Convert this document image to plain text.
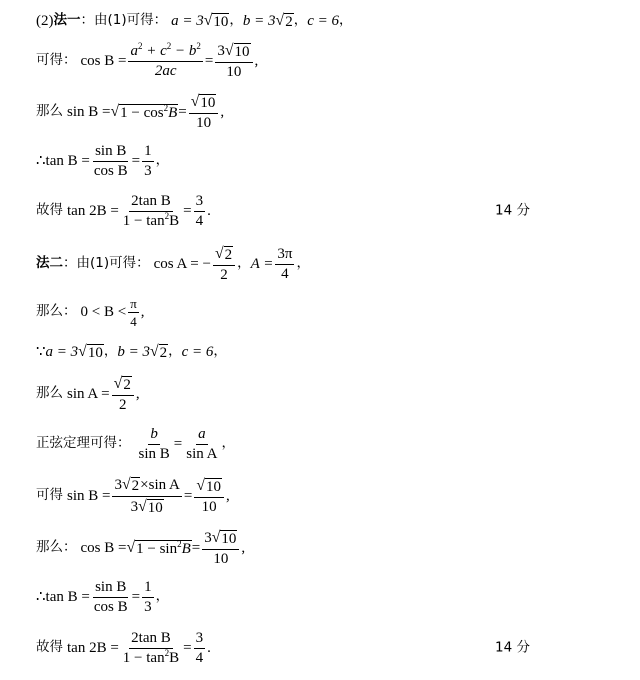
(2) 法一 ： 由(1)可得： a = 3 √ 10 ， b = 3 √ 2 ， c = 6 ，
可得： $\cos B = \frac{a^2 + c^2 - b^2}{2ac} = \frac{3 √ 10}{10}$ ,
那么 sin B = √ $1 - \cos^2B = \frac{√ 10}{10}$ ,
∴ $\tan B = \frac{\text{sin B}}{\text{cos B}} = \frac{1}{3}$ ，
故得 $\tan 2B = \frac{\text{2tan B}}{1 - \tan^2B} = \frac{3}{4}$ .	14 分
法二 ： 由(1)可得： cos A = − $\frac{√ 2}{2}$ ， $A = \frac{3\pi}{4}$ ，
那么： $0 < B < \frac{\pi}{4}$ ,
∵ a = 3 √ 10 ， b = 3 √ 2 ， c = 6 ，
那么 $\sin A = \frac{√ 2}{2}$ ,
正弦定理可得： $\frac{b}{\text{sin B}} = \frac{a}{\text{sin A}}$ ，
可得 $\sin B = \frac{\text{3 √ 2 ×sin A}}{3 √ 10} = \frac{√ 10}{10}$ ,
那么： cos B = √ $1 - \sin^2B = \frac{3 √ 10}{10}$ ,
∴ $\tan B = \frac{\text{sin B}}{\text{cos B}} = \frac{1}{3}$ ，
故得 $\tan 2B = \frac{\text{2tan B}}{1 - \tan^2B} = \frac{3}{4}$ .	14 分
